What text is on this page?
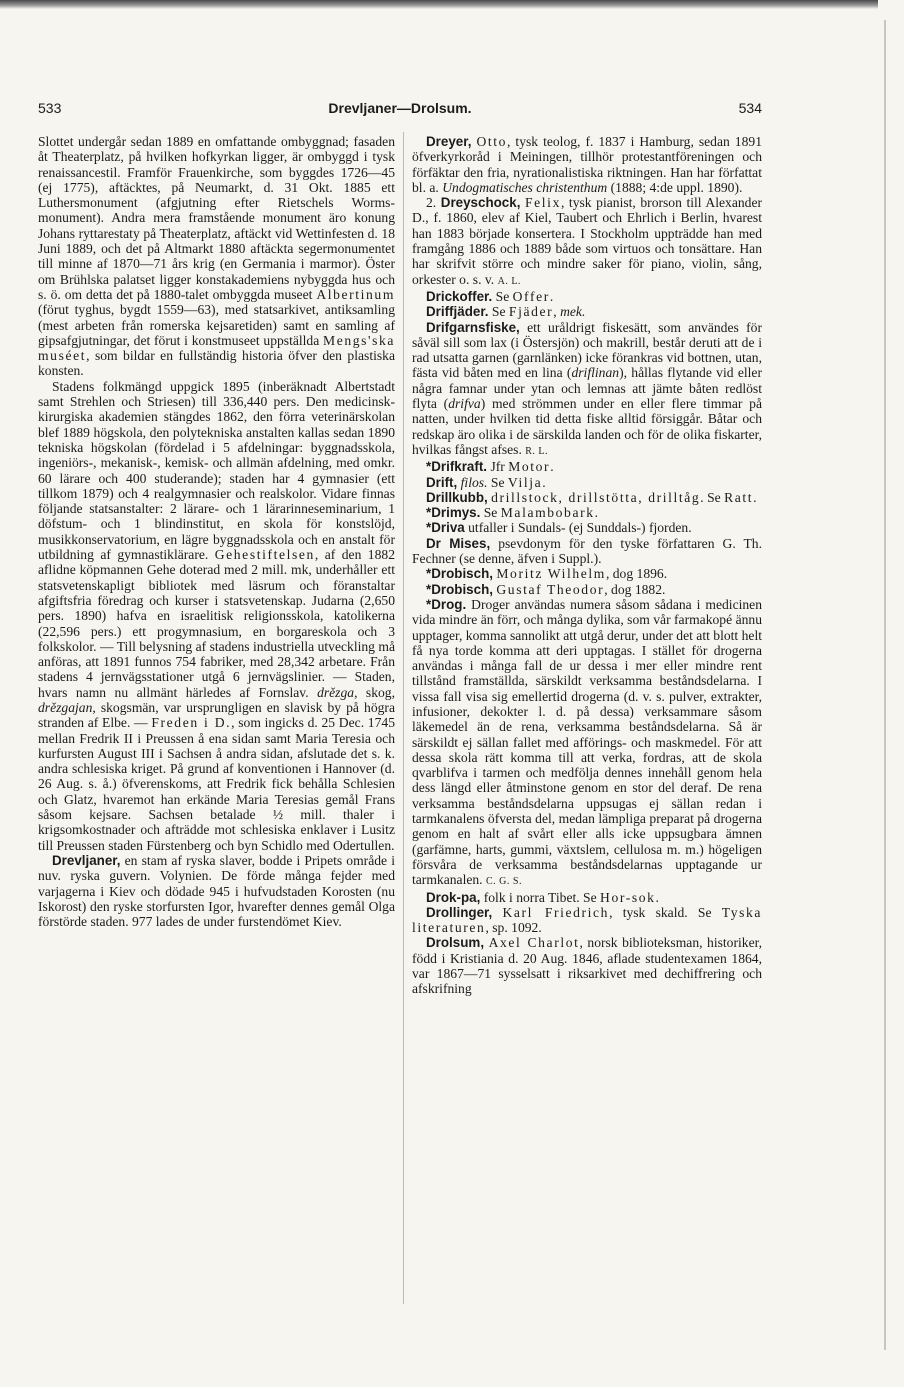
533	Drevljaner—Drolsum.	534

Slottet undergår sedan 1889 en omfattande ombyggnad; fasaden åt Theaterplatz, på hvilken hofkyrkan ligger, är ombyggd i tysk renaissancestil. Framför Frauenkirche, som byggdes 1726—45 (ej 1775), aftäcktes, på Neumarkt, d. 31 Okt. 1885 ett Luthersmonument (afgjutning efter Rietschels Worms-monument). Andra mera framstående monument äro konung Johans ryttarestaty på Theaterplatz, aftäckt vid Wettinfesten d. 18 Juni 1889, och det på Altmarkt 1880 aftäckta segermonumentet till minne af 1870—71 års krig (en Germania i marmor). Öster om Brühlska palatset ligger konstakademiens nybyggda hus och s. ö. om detta det på 1880-talet ombyggda museet Albertinum (förut tyghus, bygdt 1559—63), med statsarkivet, antiksamling (mest arbeten från romerska kejsaretiden) samt en samling af gipsafgjutningar, det förut i konstmuseet uppställda Mengs'ska muséet, som bildar en fullständig historia öfver den plastiska konsten.

Stadens folkmängd uppgick 1895 (inberäknadt Albertstadt samt Strehlen och Striesen) till 336,440 pers. Den medicinsk-kirurgiska akademien stängdes 1862, den förra veterinärskolan blef 1889 högskola, den polytekniska anstalten kallas sedan 1890 tekniska högskolan (fördelad i 5 afdelningar: byggnadsskola, ingeniörs-, mekanisk-, kemisk- och allmän afdelning, med omkr. 60 lärare och 400 studerande); staden har 4 gymnasier (ett tillkom 1879) och 4 realgymnasier och realskolor. Vidare finnas följande statsanstalter: 2 lärare- och 1 lärarinneseminarium, 1 döfstum- och 1 blindinstitut, en skola för konstslöjd, musikkonservatorium, en lägre byggnadsskola och en anstalt för utbildning af gymnastiklärare. Gehestiftelsen, af den 1882 aflidne köpmannen Gehe doterad med 2 mill. mk, underhåller ett statsvetenskapligt bibliotek med läsrum och föranstaltar afgiftsfria föredrag och kurser i statsvetenskap. Judarna (2,650 pers. 1890) hafva en israelitisk religionsskola, katolikerna (22,596 pers.) ett progymnasium, en borgareskola och 3 folkskolor. — Till belysning af stadens industriella utveckling må anföras, att 1891 funnos 754 fabriker, med 28,342 arbetare. Från stadens 4 jernvägsstationer utgå 6 jernvägslinier. — Staden, hvars namn nu allmänt härledes af Fornslav. drězga, skog, drězgajan, skogsmän, var ursprungligen en slavisk by på högra stranden af Elbe. — Freden i D., som ingicks d. 25 Dec. 1745 mellan Fredrik II i Preussen å ena sidan samt Maria Teresia och kurfursten August III i Sachsen å andra sidan, afslutade det s. k. andra schlesiska kriget. På grund af konventionen i Hannover (d. 26 Aug. s. å.) öfverenskoms, att Fredrik fick behålla Schlesien och Glatz, hvaremot han erkände Maria Teresias gemål Frans såsom kejsare. Sachsen betalade ½ mill. thaler i krigsomkostnader och afträdde mot schlesiska enklaver i Lusitz till Preussen staden Fürstenberg och byn Schidlo med Odertullen.

Drevljaner, en stam af ryska slaver, bodde i Pripets område i nuv. ryska guvern. Volynien. De förde många fejder med varjagerna i Kiev och dödade 945 i hufvudstaden Korosten (nu Iskorost) den ryske storfursten Igor, hvarefter dennes gemål Olga förstörde staden. 977 lades de under furstendömet Kiev.

Dreyer, Otto, tysk teolog, f. 1837 i Hamburg, sedan 1891 öfverkyrkoråd i Meiningen, tillhör protestantföreningen och förfäktar den fria, nyrationalistiska riktningen. Han har författat bl. a. Undogmatisches christenthum (1888; 4:de uppl. 1890).

2. Dreyschock, Felix, tysk pianist, brorson till Alexander D., f. 1860, elev af Kiel, Taubert och Ehrlich i Berlin, hvarest han 1883 började konsertera. I Stockholm uppträdde han med framgång 1886 och 1889 både som virtuos och tonsättare. Han har skrifvit större och mindre saker för piano, violin, sång, orkester o. s. v. A. L.

Drickoffer. Se Offer.

Driffjäder. Se Fjäder, mek.

Drifgarnsfiske, ett uråldrigt fiskesätt, som användes för såväl sill som lax (i Östersjön) och makrill, består deruti att de i rad utsatta garnen (garnlänken) icke förankras vid bottnen, utan, fästa vid båten med en lina (driflinan), hållas flytande vid eller några famnar under ytan och lemnas att jämte båten redlöst flyta (drifva) med strömmen under en eller flere timmar på natten, under hvilken tid detta fiske alltid försiggår. Båtar och redskap äro olika i de särskilda landen och för de olika fiskarter, hvilkas fångst afses. R. L.

*Drifkraft. Jfr Motor.

Drift, filos. Se Vilja.

Drillkubb, drillstock, drillstötta, drilltåg. Se Ratt.

*Drimys. Se Malambobark.

*Driva utfaller i Sundals- (ej Sunddals-) fjorden.

Dr Mises, psevdonym för den tyske författaren G. Th. Fechner (se denne, äfven i Suppl.).

*Drobisch, Moritz Wilhelm, dog 1896.

*Drobisch, Gustaf Theodor, dog 1882.

*Drog. Droger användas numera såsom sådana i medicinen vida mindre än förr, och många dylika, som vår farmakopé ännu upptager, komma sannolikt att utgå derur, under det att blott helt få nya torde komma att deri upptagas. I stället för drogerna användas i många fall de ur dessa i mer eller mindre rent tillstånd framställda, särskildt verksamma beståndsdelarna. I vissa fall visa sig emellertid drogerna (d. v. s. pulver, extrakter, infusioner, dekokter l. d. på dessa) verksammare såsom läkemedel än de rena, verksamma beståndsdelarna. Så är särskildt ej sällan fallet med afförings- och maskmedel. För att dessa skola rätt komma till att verka, fordras, att de skola qvarblifva i tarmen och medfölja dennes innehåll genom hela dess längd eller åtminstone genom en stor del deraf. De rena verksamma beståndsdelarna uppsugas ej sällan redan i tarmkanalens öfversta del, medan lämpliga preparat på drogerna genom en halt af svårt eller alls icke uppsugbara ämnen (garfämne, harts, gummi, växtslem, cellulosa m. m.) högeligen försvåra de verksamma beståndsdelarnas upptagande ur tarmkanalen. C. G. S.

Drok-pa, folk i norra Tibet. Se Hor-sok.

Drollinger, Karl Friedrich, tysk skald. Se Tyska literaturen, sp. 1092.

Drolsum, Axel Charlot, norsk biblioteksman, historiker, född i Kristiania d. 20 Aug. 1846, aflade studentexamen 1864, var 1867—71 sysselsatt i riksarkivet med dechiffrering och afskrifning
